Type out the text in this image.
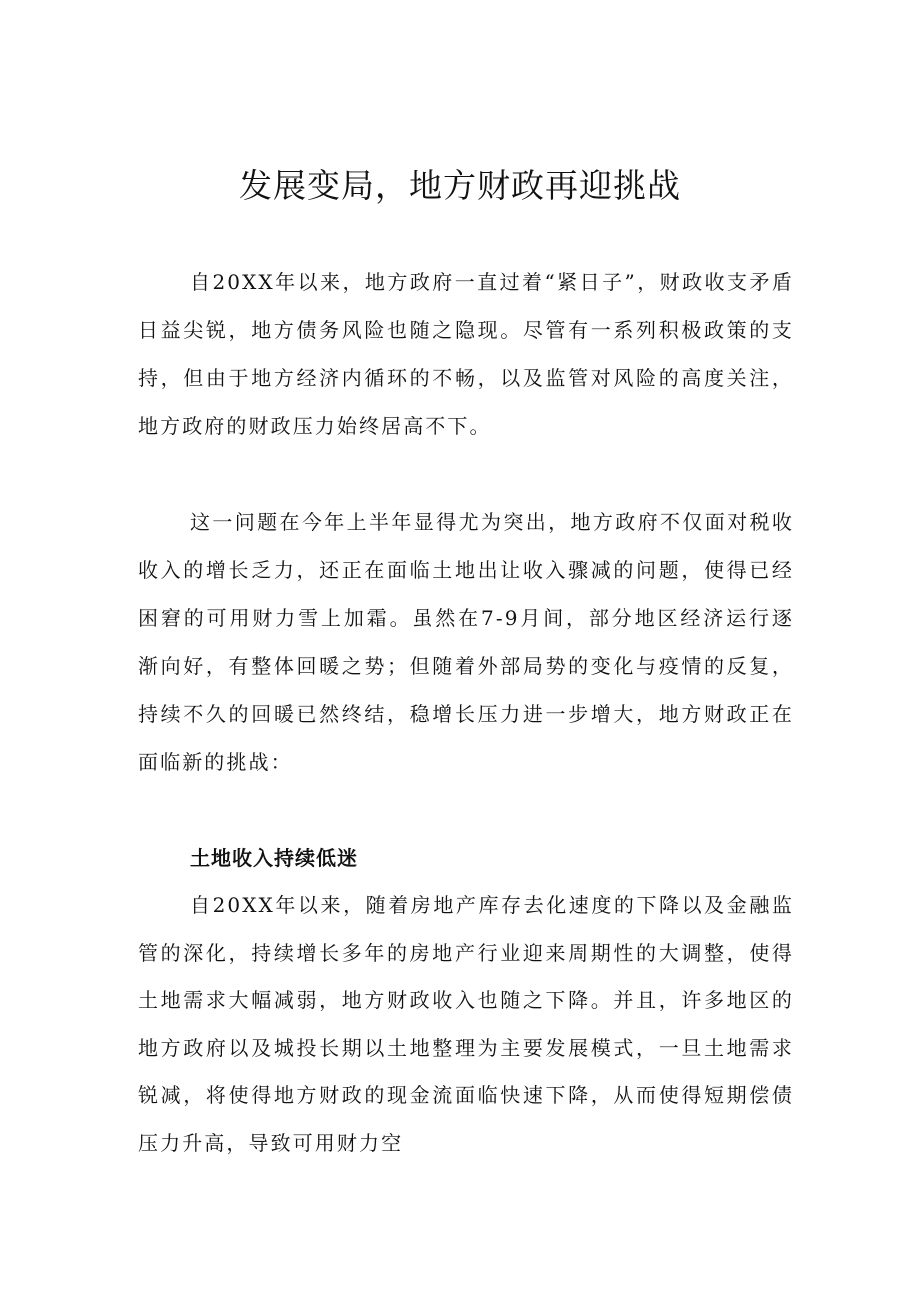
发展变局，地方财政再迎挑战

自20XX年以来，地方政府一直过着“紧日子”，财政收支矛盾日益尖锐，地方债务风险也随之隐现。尽管有一系列积极政策的支持，但由于地方经济内循环的不畅，以及监管对风险的高度关注，地方政府的财政压力始终居高不下。

这一问题在今年上半年显得尤为突出，地方政府不仅面对税收收入的增长乏力，还正在面临土地出让收入骤减的问题，使得已经困窘的可用财力雪上加霜。虽然在7-9月间，部分地区经济运行逐渐向好，有整体回暖之势；但随着外部局势的变化与疫情的反复，持续不久的回暖已然终结，稳增长压力进一步增大，地方财政正在面临新的挑战：

土地收入持续低迷

自20XX年以来，随着房地产库存去化速度的下降以及金融监管的深化，持续增长多年的房地产行业迎来周期性的大调整，使得土地需求大幅减弱，地方财政收入也随之下降。并且，许多地区的地方政府以及城投长期以土地整理为主要发展模式，一旦土地需求锐减，将使得地方财政的现金流面临快速下降，从而使得短期偿债压力升高，导致可用财力空
